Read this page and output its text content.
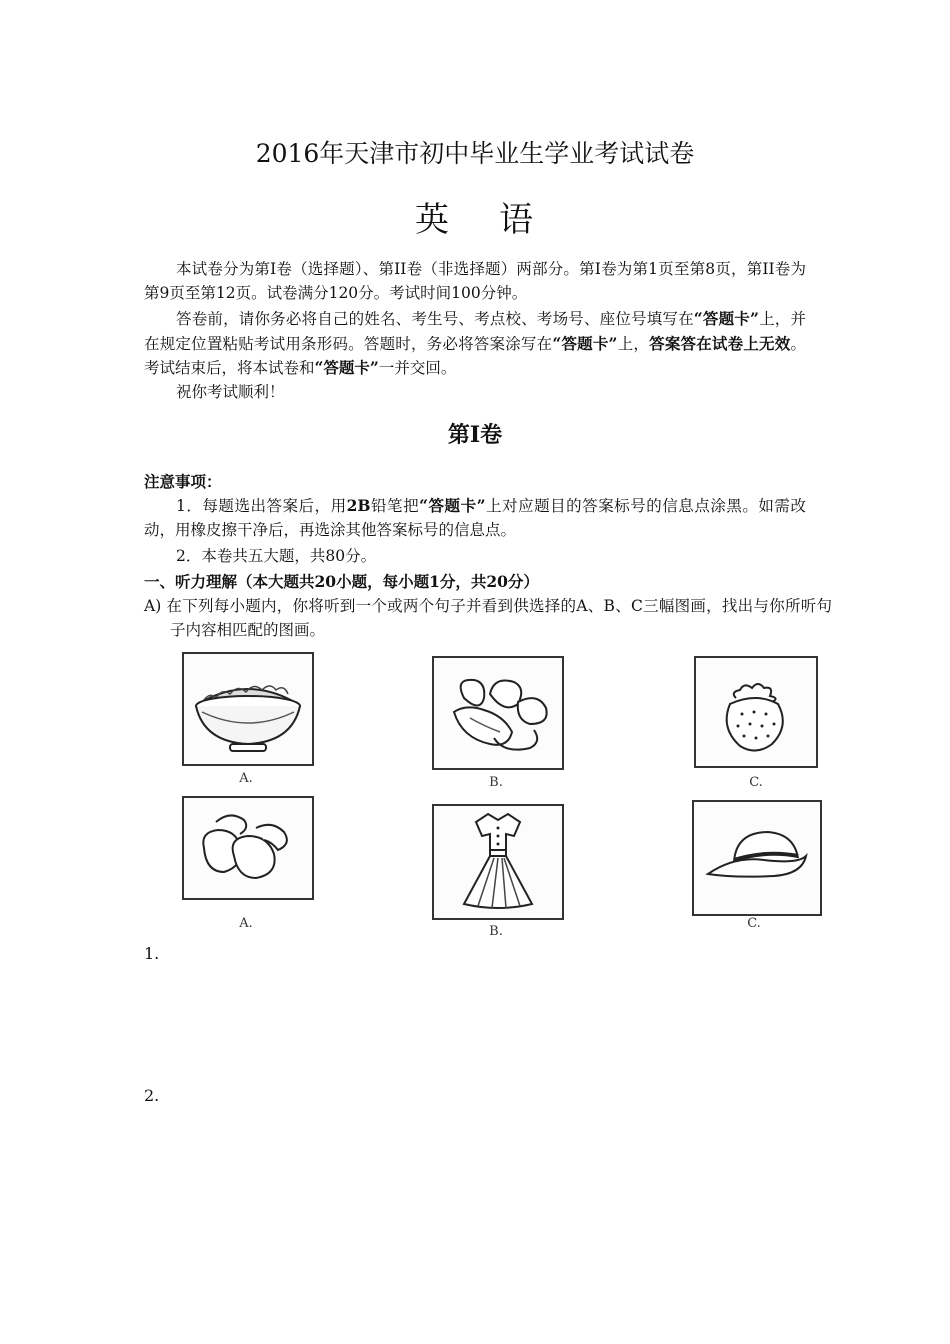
2016年天津市初中毕业生学业考试试卷
英 语
本试卷分为第I卷（选择题）、第II卷（非选择题）两部分。第I卷为第1页至第8页，第II卷为第9页至第12页。试卷满分120分。考试时间100分钟。
答卷前，请你务必将自己的姓名、考生号、考点校、考场号、座位号填写在“答题卡”上，并在规定位置粘贴考试用条形码。答题时，务必将答案涂写在“答题卡”上，答案答在试卷上无效。考试结束后，将本试卷和“答题卡”一并交回。
祝你考试顺利！
第I卷
注意事项：
1．每题选出答案后，用2B铅笔把“答题卡”上对应题目的答案标号的信息点涂黑。如需改动，用橡皮擦干净后，再选涂其他答案标号的信息点。
2．本卷共五大题，共80分。
一、听力理解（本大题共20小题，每小题1分，共20分）
A) 在下列每小题内，你将听到一个或两个句子并看到供选择的A、B、C三幅图画，找出与你所听句子内容相匹配的图画。
A.	B.	C.
A.
B.
C.
1.
2.
